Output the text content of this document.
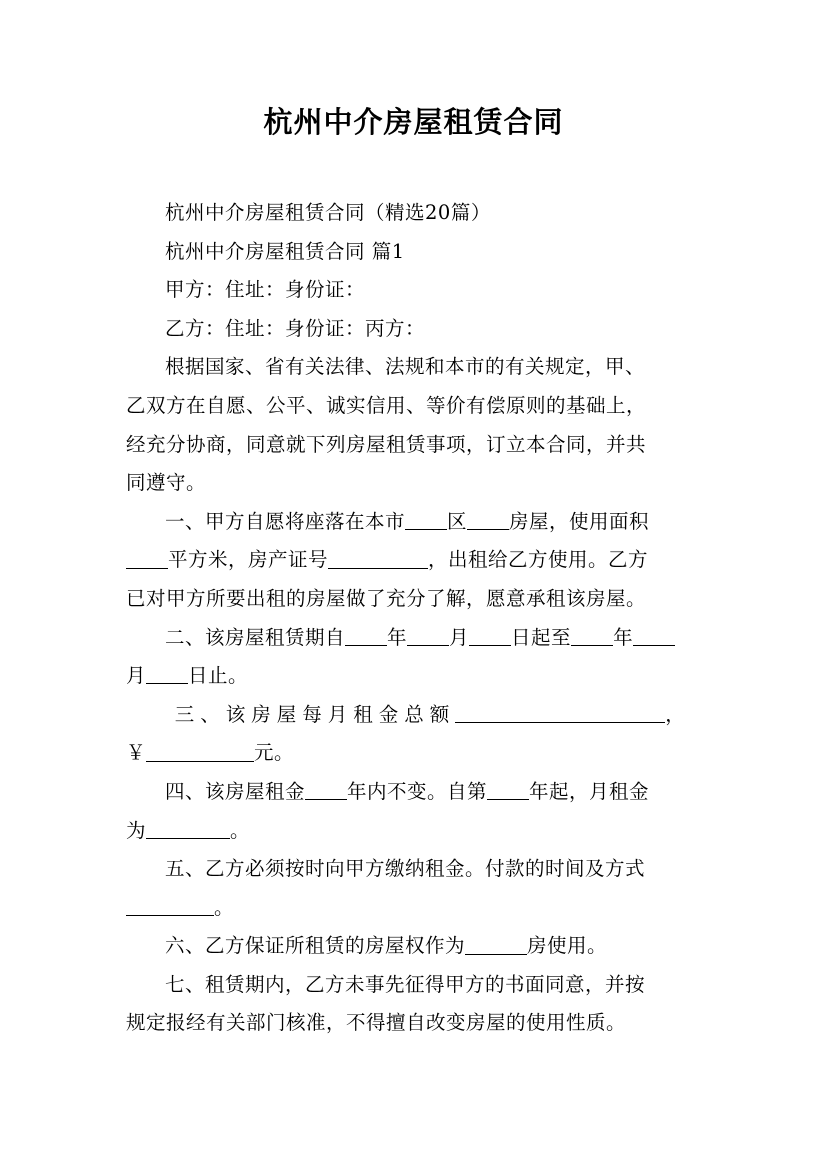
杭州中介房屋租赁合同
杭州中介房屋租赁合同（精选20篇）
杭州中介房屋租赁合同 篇1
甲方：住址：身份证：
乙方：住址：身份证：丙方：
根据国家、省有关法律、法规和本市的有关规定，甲、
乙双方在自愿、公平、诚实信用、等价有偿原则的基础上，
经充分协商，同意就下列房屋租赁事项，订立本合同，并共
同遵守。
一、甲方自愿将座落在本市 区 房屋，使用面积
平方米，房产证号	，出租给乙方使用。乙方
已对甲方所要出租的房屋做了充分了解，愿意承租该房屋。
二、该房屋租赁期自 年 月 日起至 年
月 日止。
三、该房屋每月租金总额	，
￥	元。
四、该房屋租金 年内不变。自第 年起，月租金
为	。
五、乙方必须按时向甲方缴纳租金。付款的时间及方式
。
六、乙方保证所租赁的房屋权作为	房使用。
七、租赁期内，乙方未事先征得甲方的书面同意，并按
规定报经有关部门核准，不得擅自改变房屋的使用性质。
